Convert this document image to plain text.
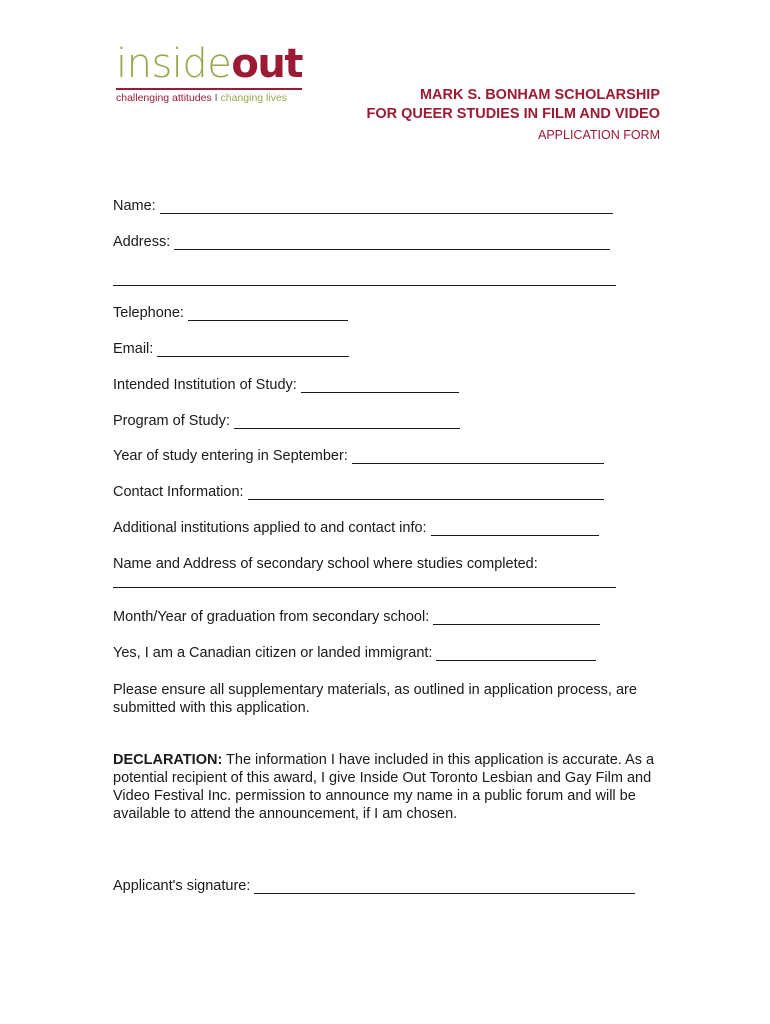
inside out
challenging attitudes I changing lives	MARK S. BONHAM SCHOLARSHIP
FOR QUEER STUDIES IN FILM AND VIDEO
APPLICATION FORM
Name:
Address:
Telephone:
Email:
Intended Institution of Study:
Program of Study:
Year of study entering in September:
Contact Information:
Additional institutions applied to and contact info:
Name and Address of secondary school where studies completed:
Month/Year of graduation from secondary school:
Yes, I am a Canadian citizen or landed immigrant:
Please ensure all supplementary materials, as outlined in application process, are submitted with this application.
DECLARATION: The information I have included in this application is accurate. As a potential recipient of this award, I give Inside Out Toronto Lesbian and Gay Film and Video Festival Inc. permission to announce my name in a public forum and will be available to attend the announcement, if I am chosen.
Applicant's signature:
